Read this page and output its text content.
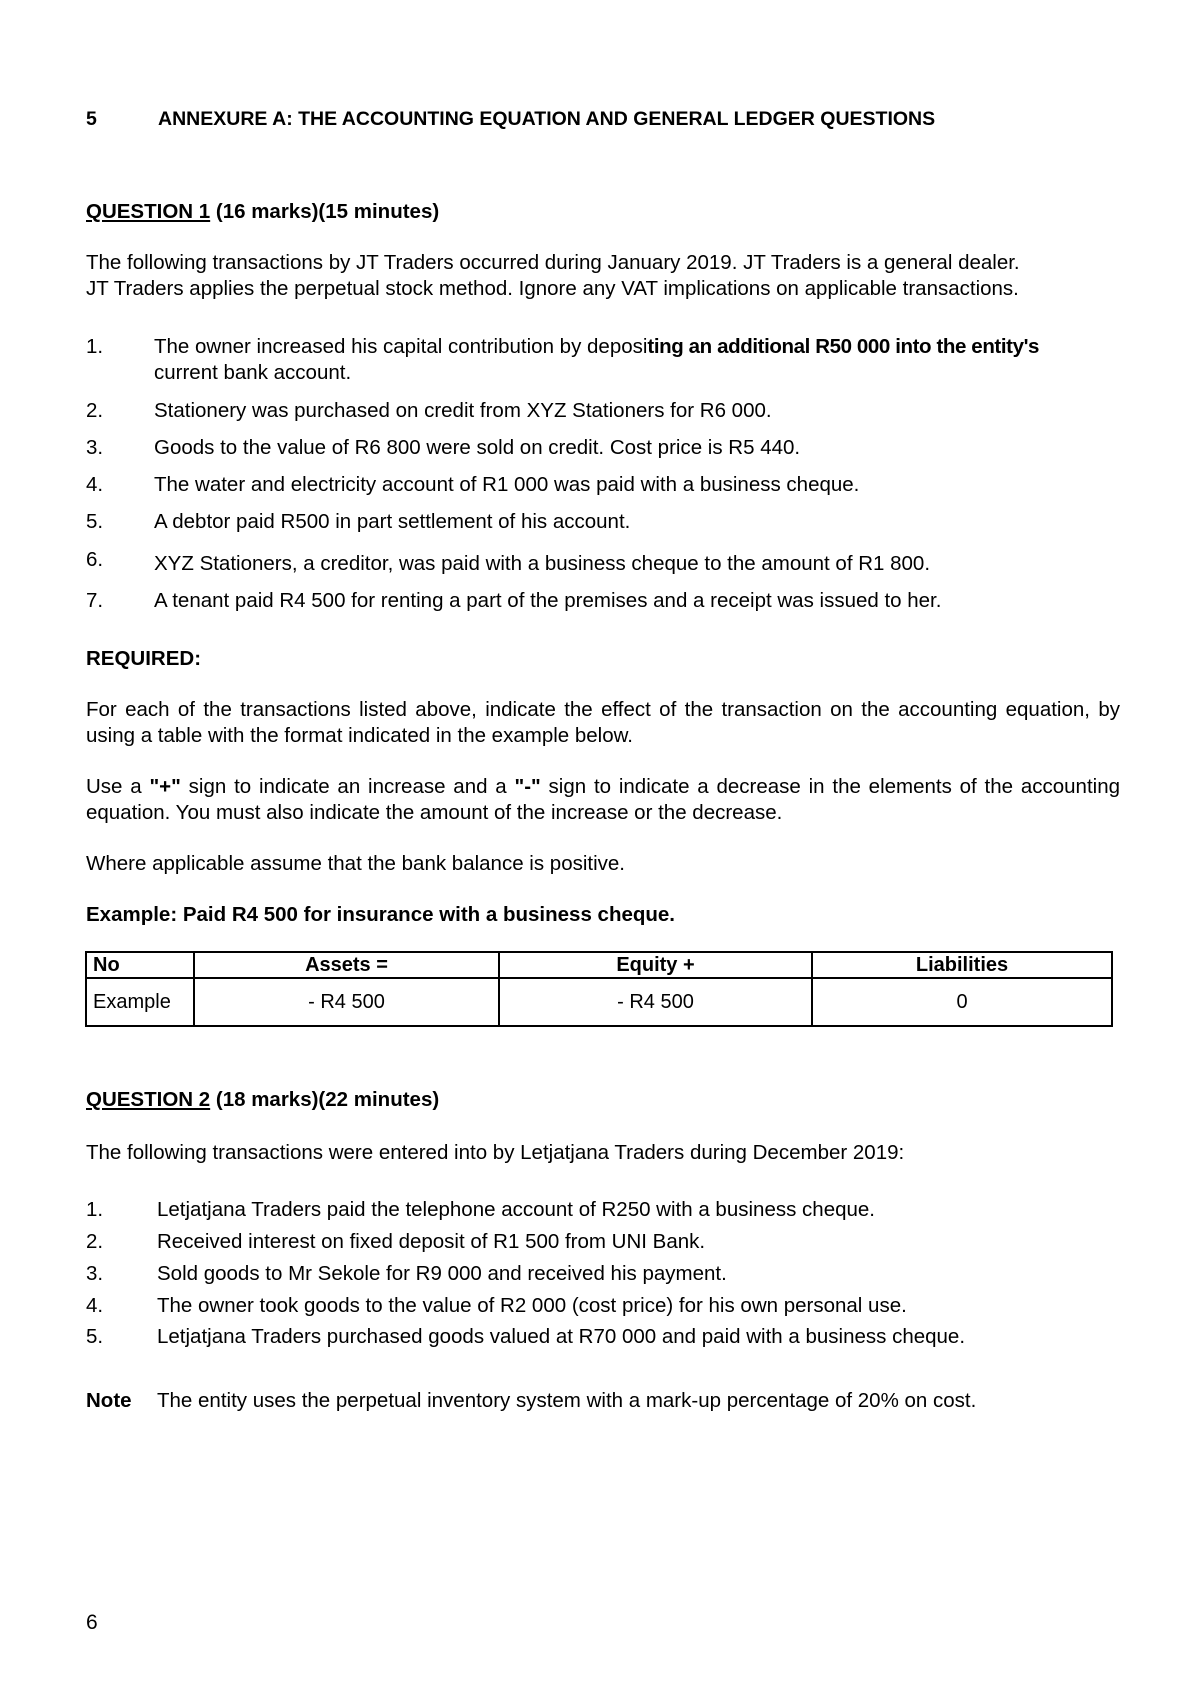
5	ANNEXURE A: THE ACCOUNTING EQUATION AND GENERAL LEDGER QUESTIONS
QUESTION 1 (16 marks)(15 minutes)
The following transactions by JT Traders occurred during January 2019. JT Traders is a general dealer.
JT Traders applies the perpetual stock method. Ignore any VAT implications on applicable transactions.
1.	The owner increased his capital contribution by depositing an additional R50 000 into the entity's
current bank account.
2.	Stationery was purchased on credit from XYZ Stationers for R6 000.
3.	Goods to the value of R6 800 were sold on credit. Cost price is R5 440.
4.	The water and electricity account of R1 000 was paid with a business cheque.
5.	A debtor paid R500 in part settlement of his account.
6.	XYZ Stationers, a creditor, was paid with a business cheque to the amount of R1 800.
7.	A tenant paid R4 500 for renting a part of the premises and a receipt was issued to her.
REQUIRED:
For each of the transactions listed above, indicate the effect of the transaction on the accounting equation, by using a table with the format indicated in the example below.
Use a "+" sign to indicate an increase and a "-" sign to indicate a decrease in the elements of the accounting equation. You must also indicate the amount of the increase or the decrease.
Where applicable assume that the bank balance is positive.
Example: Paid R4 500 for insurance with a business cheque.
No	Assets =	Equity +	Liabilities
Example	- R4 500	- R4 500	0
QUESTION 2 (18 marks)(22 minutes)
The following transactions were entered into by Letjatjana Traders during December 2019:
1.	Letjatjana Traders paid the telephone account of R250 with a business cheque.
2.	Received interest on fixed deposit of R1 500 from UNI Bank.
3.	Sold goods to Mr Sekole for R9 000 and received his payment.
4.	The owner took goods to the value of R2 000 (cost price) for his own personal use.
5.	Letjatjana Traders purchased goods valued at R70 000 and paid with a business cheque.
Note The entity uses the perpetual inventory system with a mark-up percentage of 20% on cost.
6
